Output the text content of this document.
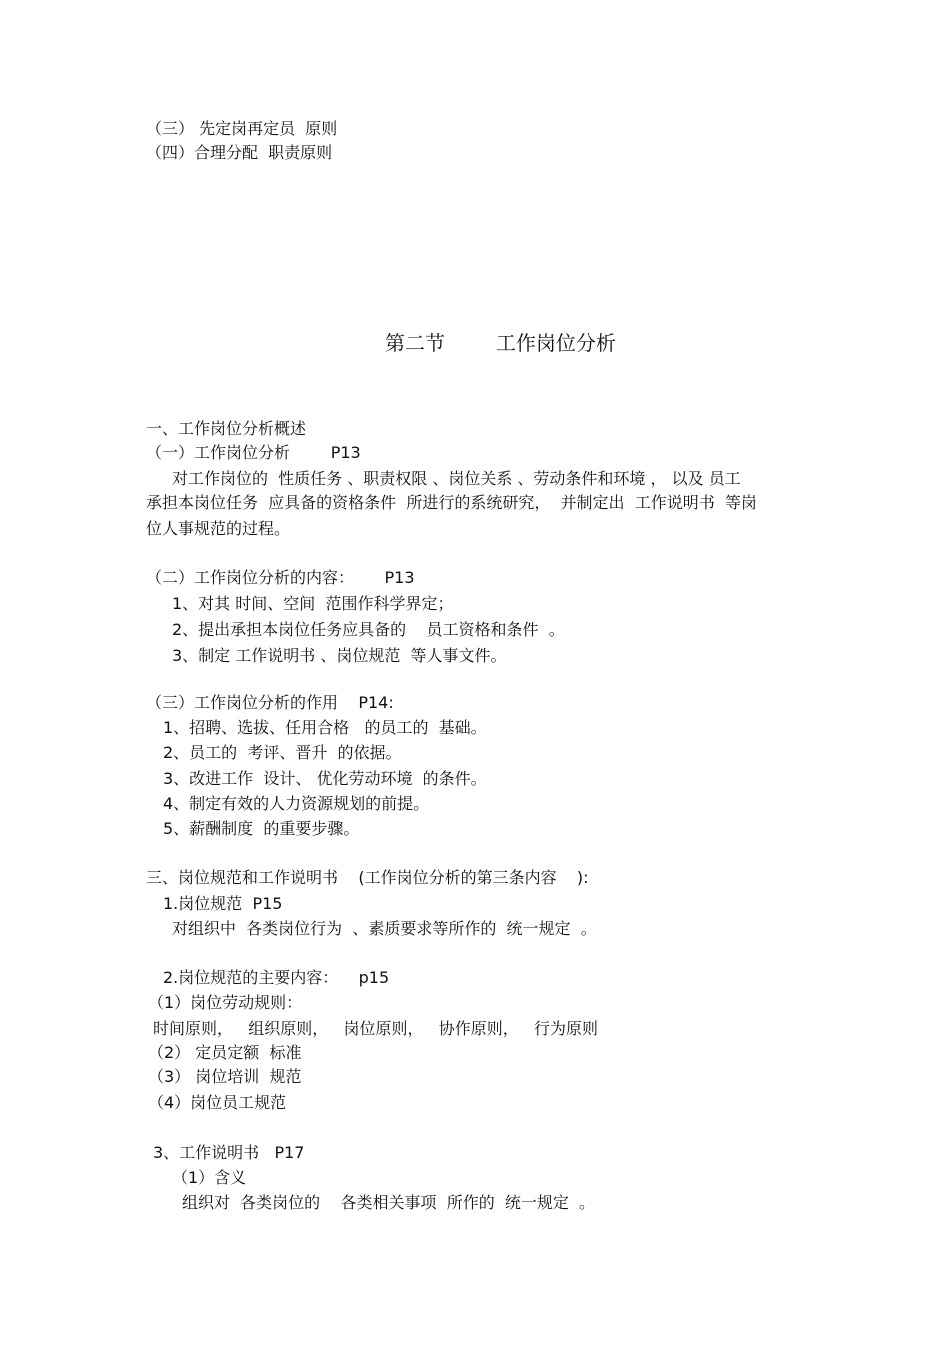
（三） 先定岗再定员  原则
（四）合理分配  职责原则
第二节        工作岗位分析
一、工作岗位分析概述
（一）工作岗位分析        P13
对工作岗位的  性质任务 、职责权限 、岗位关系 、劳动条件和环境 ， 以及 员工
承担本岗位任务  应具备的资格条件  所进行的系统研究，  并制定出  工作说明书  等岗
位人事规范的过程。
（二）工作岗位分析的内容：      P13
1、对其 时间、空间  范围作科学界定；
2、提出承担本岗位任务应具备的    员工资格和条件  。
3、制定 工作说明书 、岗位规范  等人事文件。
（三）工作岗位分析的作用    P14:
1、招聘、选拔、任用合格   的员工的  基础。
2、员工的  考评、晋升  的依据。
3、改进工作  设计、 优化劳动环境  的条件。
4、制定有效的人力资源规划的前提。
5、薪酬制度  的重要步骤。
三、岗位规范和工作说明书    (工作岗位分析的第三条内容    ):
1.岗位规范  P15
对组织中  各类岗位行为  、素质要求等所作的  统一规定  。
2.岗位规范的主要内容：    p15
（1）岗位劳动规则：
时间原则，   组织原则，   岗位原则，   协作原则，   行为原则
（2） 定员定额  标准
（3） 岗位培训  规范
（4）岗位员工规范
3、工作说明书   P17
（1）含义
组织对  各类岗位的    各类相关事项  所作的  统一规定  。
